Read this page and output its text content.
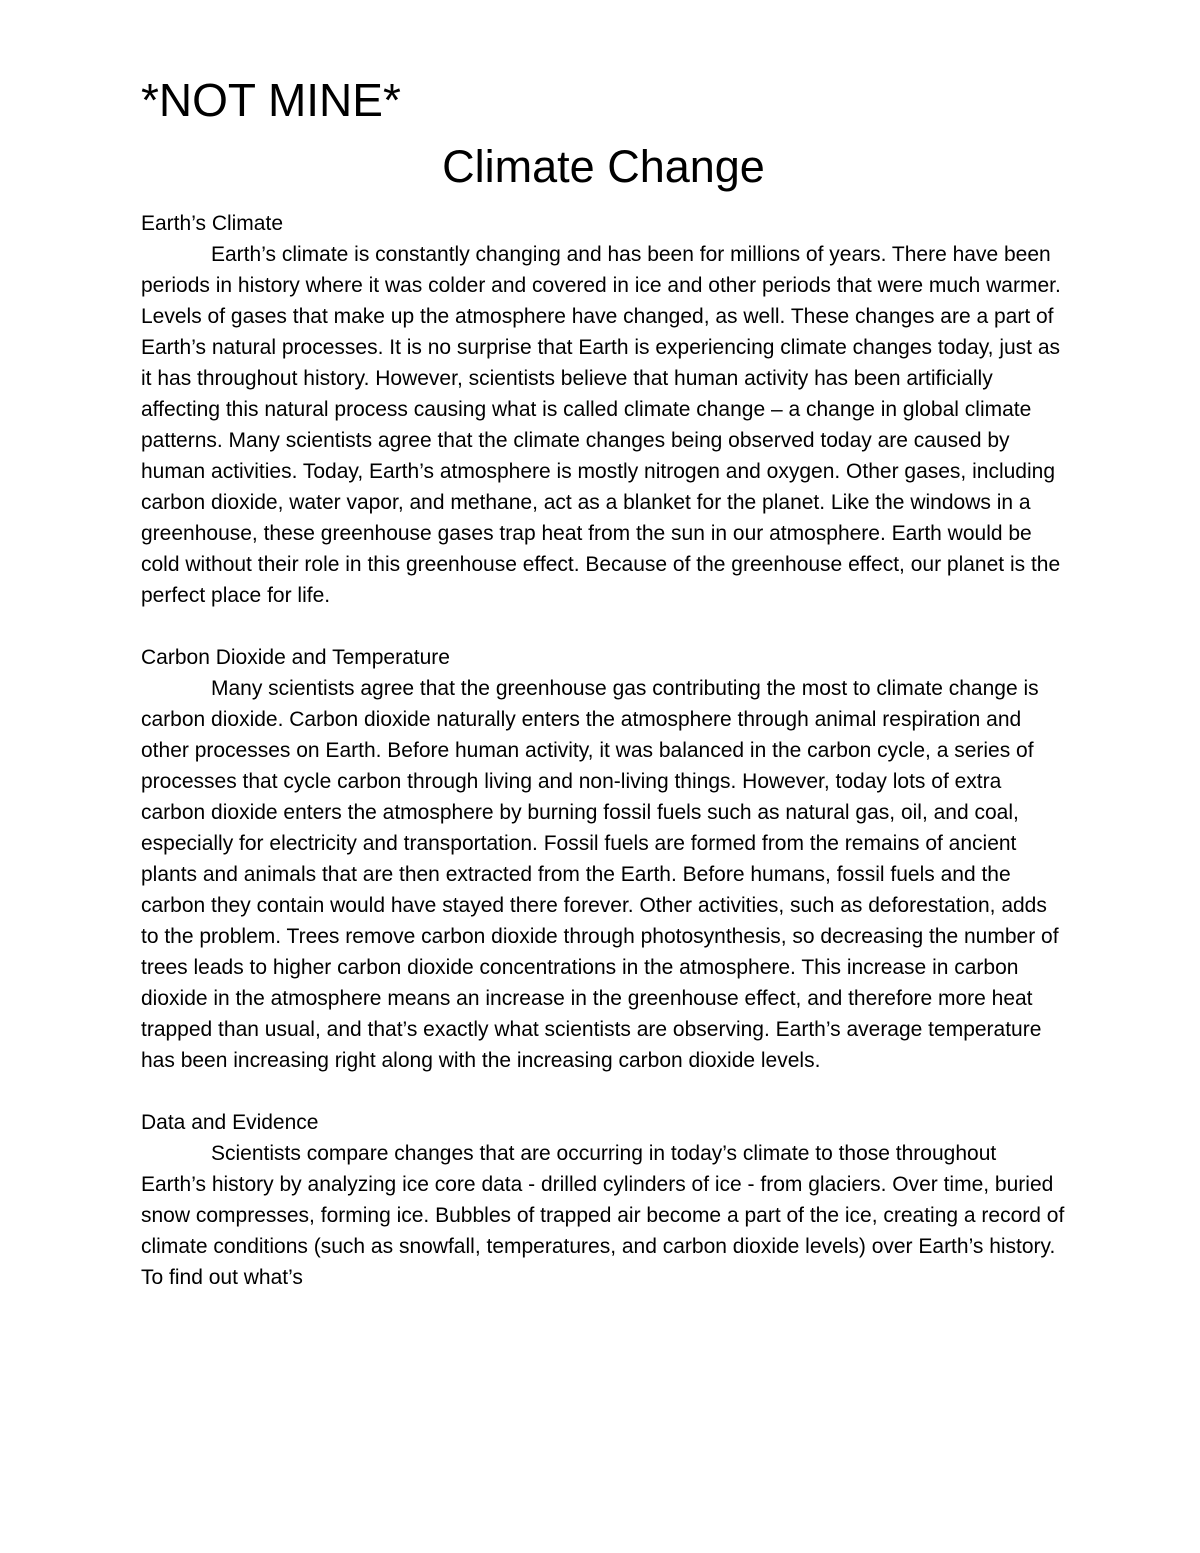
*NOT MINE*
Climate Change

Earth’s Climate

Earth’s climate is constantly changing and has been for millions of years. There have been periods in history where it was colder and covered in ice and other periods that were much warmer. Levels of gases that make up the atmosphere have changed, as well. These changes are a part of Earth’s natural processes. It is no surprise that Earth is experiencing climate changes today, just as it has throughout history. However, scientists believe that human activity has been artificially affecting this natural process causing what is called climate change – a change in global climate patterns. Many scientists agree that the climate changes being observed today are caused by human activities. Today, Earth’s atmosphere is mostly nitrogen and oxygen. Other gases, including carbon dioxide, water vapor, and methane, act as a blanket for the planet. Like the windows in a greenhouse, these greenhouse gases trap heat from the sun in our atmosphere. Earth would be cold without their role in this greenhouse effect. Because of the greenhouse effect, our planet is the perfect place for life.

Carbon Dioxide and Temperature

Many scientists agree that the greenhouse gas contributing the most to climate change is carbon dioxide. Carbon dioxide naturally enters the atmosphere through animal respiration and other processes on Earth. Before human activity, it was balanced in the carbon cycle, a series of processes that cycle carbon through living and non-living things. However, today lots of extra carbon dioxide enters the atmosphere by burning fossil fuels such as natural gas, oil, and coal, especially for electricity and transportation. Fossil fuels are formed from the remains of ancient plants and animals that are then extracted from the Earth. Before humans, fossil fuels and the carbon they contain would have stayed there forever. Other activities, such as deforestation, adds to the problem. Trees remove carbon dioxide through photosynthesis, so decreasing the number of trees leads to higher carbon dioxide concentrations in the atmosphere. This increase in carbon dioxide in the atmosphere means an increase in the greenhouse effect, and therefore more heat trapped than usual, and that’s exactly what scientists are observing. Earth’s average temperature has been increasing right along with the increasing carbon dioxide levels.

Data and Evidence

Scientists compare changes that are occurring in today’s climate to those throughout Earth’s history by analyzing ice core data - drilled cylinders of ice - from glaciers. Over time, buried snow compresses, forming ice. Bubbles of trapped air become a part of the ice, creating a record of climate conditions (such as snowfall, temperatures, and carbon dioxide levels) over Earth’s history. To find out what’s
